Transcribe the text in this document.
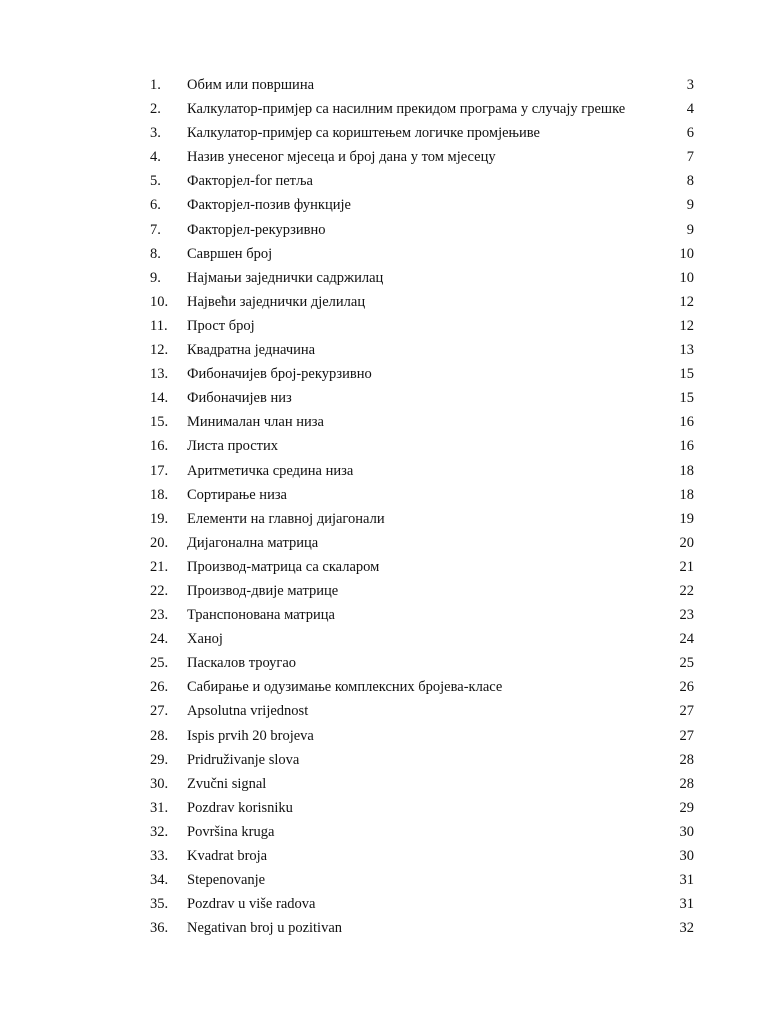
1. Обим или површина	3
2. Калкулатор-примјер са насилним прекидом програма у случају грешке	4
3. Калкулатор-примјер са кориштењем логичке промјењиве	6
4. Назив унесеног мјесеца и број дана у том мјесецу	7
5. Факторјел-for петља	8
6. Факторјел-позив функције	9
7. Факторјел-рекурзивно	9
8. Савршен број	10
9. Најмањи заједнички садржилац	10
10. Највећи заједнички дјелилац	12
11. Прост број	12
12. Квадратна једначина	13
13. Фибоначијев број-рекурзивно	15
14. Фибоначијев низ	15
15. Минималан члан низа	16
16. Листа простих	16
17. Аритметичка средина низа	18
18. Сортирање низа	18
19. Елементи на главној дијагонали	19
20. Дијагонална матрица	20
21. Производ-матрица са скаларом	21
22. Производ-двије матрице	22
23. Транспонована матрица	23
24. Ханој	24
25. Паскалов троугао	25
26. Сабирање и одузимање комплексних бројева-класе	26
27. Apsolutna vrijednost	27
28. Ispis prvih 20 brojeva	27
29. Pridruživanje slova	28
30. Zvučni signal	28
31. Pozdrav korisniku	29
32. Površina kruga	30
33. Kvadrat broja	30
34. Stepenovanje	31
35. Pozdrav u više radova	31
36. Negativan broj u pozitivan	32
